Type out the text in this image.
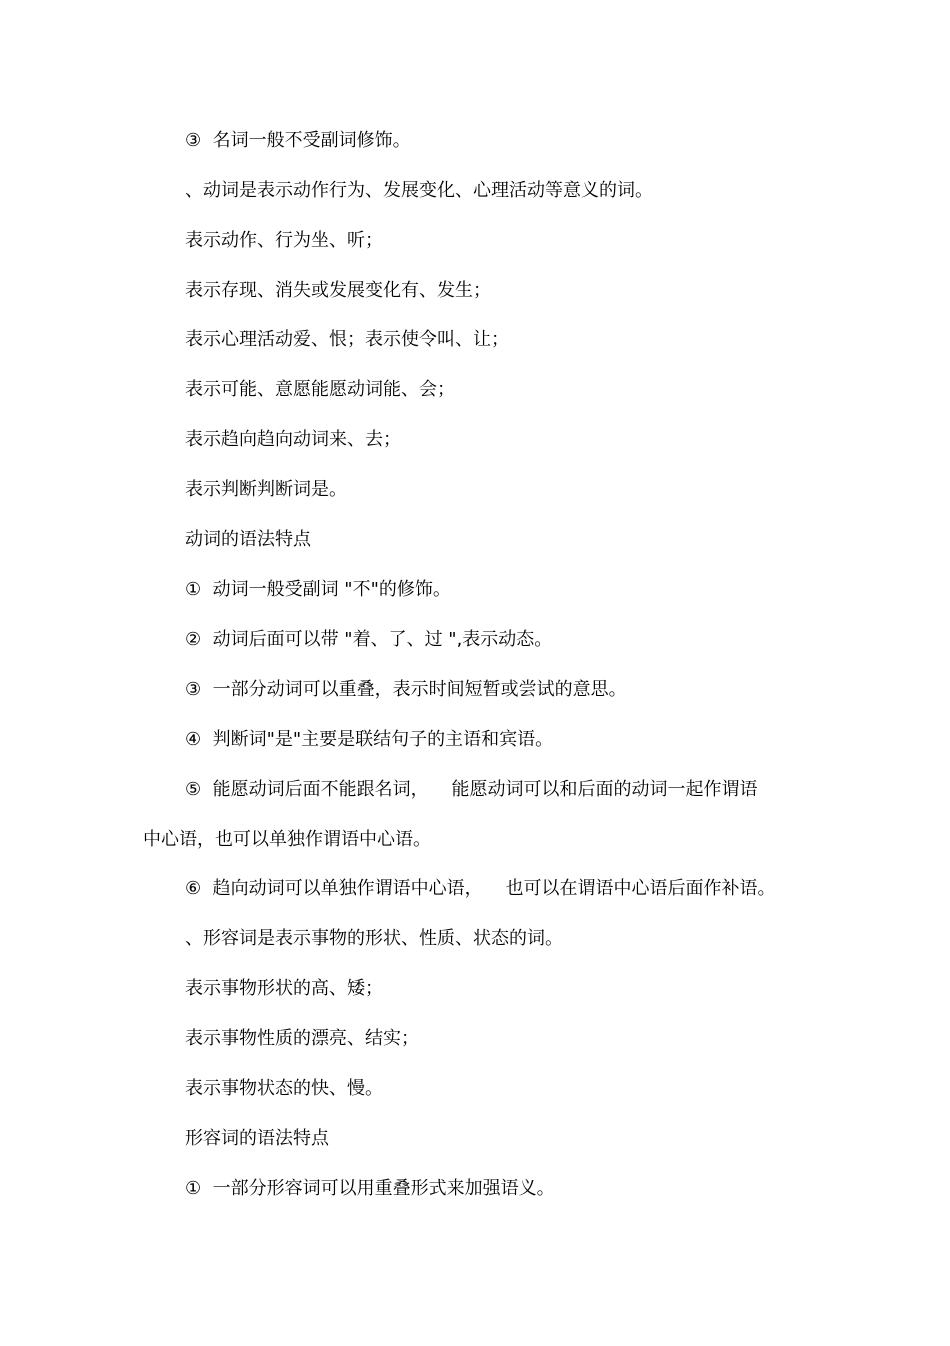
③  名词一般不受副词修饰。
、动词是表示动作行为、发展变化、心理活动等意义的词。
表示动作、行为坐、听；
表示存现、消失或发展变化有、发生；
表示心理活动爱、恨；表示使令叫、让；
表示可能、意愿能愿动词能、会；
表示趋向趋向动词来、去；
表示判断判断词是。
动词的语法特点
①  动词一般受副词 "不"的修饰。
②  动词后面可以带 "着、了、过 ",表示动态。
③  一部分动词可以重叠，表示时间短暂或尝试的意思。
④  判断词"是"主要是联结句子的主语和宾语。
⑤  能愿动词后面不能跟名词，    能愿动词可以和后面的动词一起作谓语
中心语，也可以单独作谓语中心语。
⑥  趋向动词可以单独作谓语中心语，    也可以在谓语中心语后面作补语。
、形容词是表示事物的形状、性质、状态的词。
表示事物形状的高、矮；
表示事物性质的漂亮、结实；
表示事物状态的快、慢。
形容词的语法特点
①  一部分形容词可以用重叠形式来加强语义。
